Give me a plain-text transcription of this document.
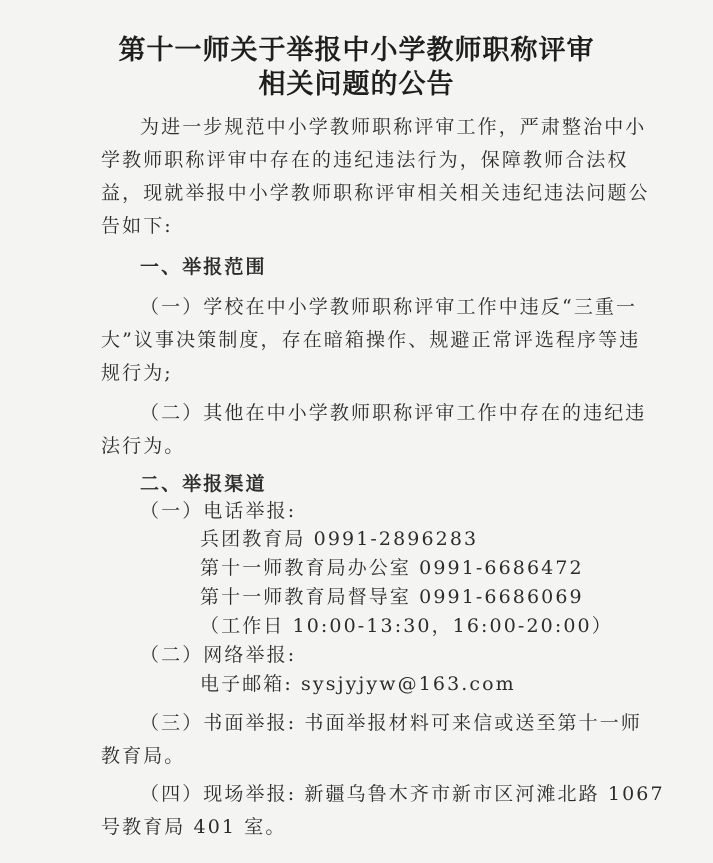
第十一师关于举报中小学教师职称评审
相关问题的公告
为进一步规范中小学教师职称评审工作，严肃整治中小
学教师职称评审中存在的违纪违法行为，保障教师合法权
益，现就举报中小学教师职称评审相关相关违纪违法问题公
告如下:
一、举报范围
（一）学校在中小学教师职称评审工作中违反“三重一
大”议事决策制度，存在暗箱操作、规避正常评选程序等违
规行为;
（二）其他在中小学教师职称评审工作中存在的违纪违
法行为。
二、举报渠道
（一）电话举报:
兵团教育局 0991-2896283
第十一师教育局办公室 0991-6686472
第十一师教育局督导室 0991-6686069
（工作日 10:00-13:30，16:00-20:00）
（二）网络举报:
电子邮箱: sysjyjyw@163.com
（三）书面举报: 书面举报材料可来信或送至第十一师
教育局。
（四）现场举报: 新疆乌鲁木齐市新市区河滩北路 1067
号教育局 401 室。
